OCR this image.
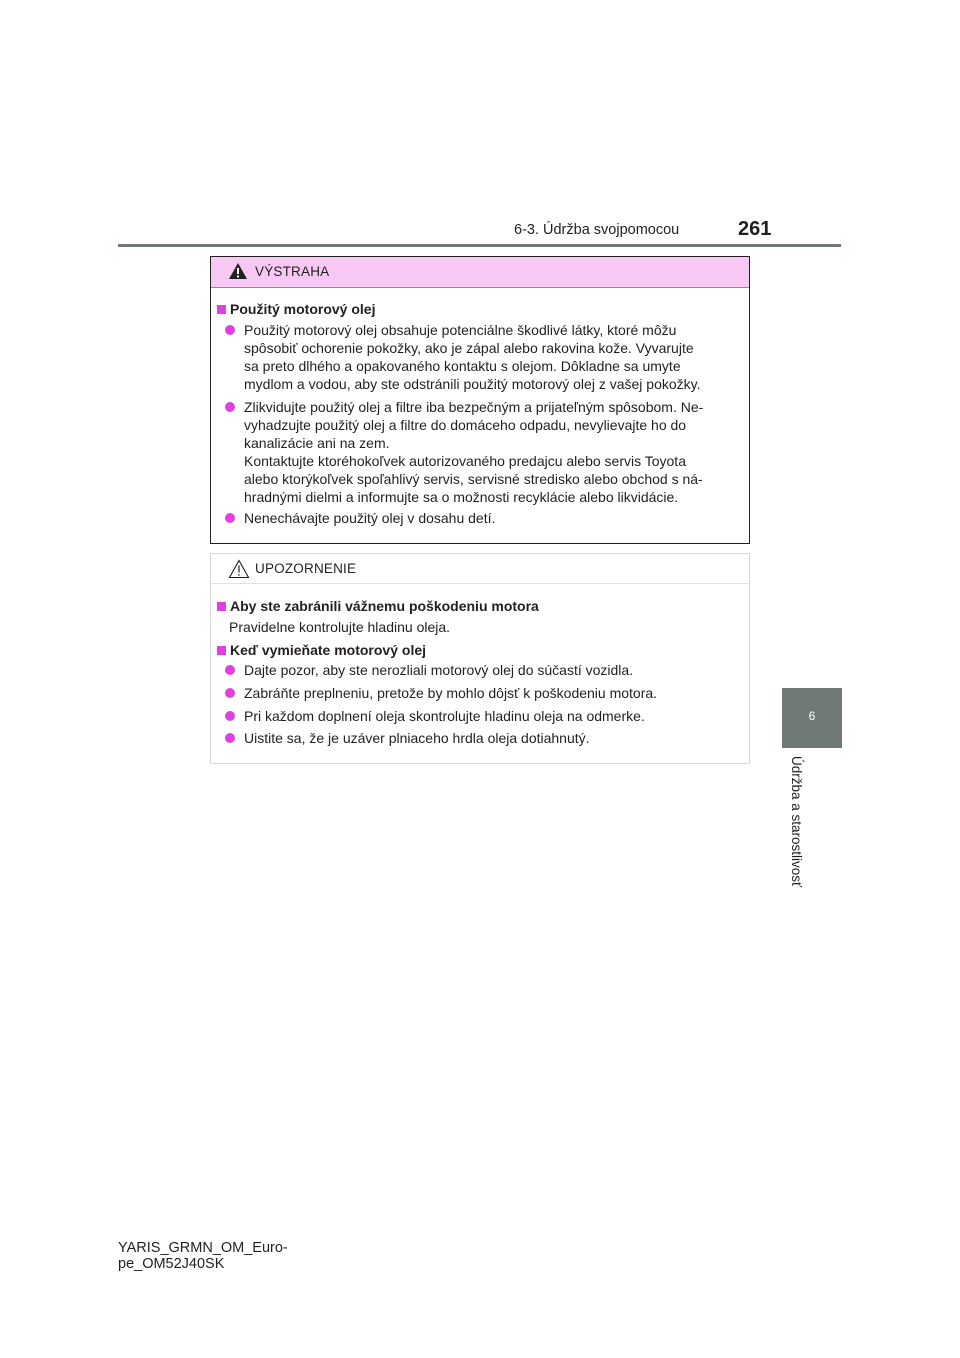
6-3. Údržba svojpomocou	261
6
Údržba a starostlivosť
VÝSTRAHA
Použitý motorový olej
Použitý motorový olej obsahuje potenciálne škodlivé látky, ktoré môžu
spôsobiť ochorenie pokožky, ako je zápal alebo rakovina kože. Vyvarujte
sa preto dlhého a opakovaného kontaktu s olejom. Dôkladne sa umyte
mydlom a vodou, aby ste odstránili použitý motorový olej z vašej pokožky.
Zlikvidujte použitý olej a filtre iba bezpečným a prijateľným spôsobom. Ne-
vyhadzujte použitý olej a filtre do domáceho odpadu, nevylievajte ho do
kanalizácie ani na zem.
Kontaktujte ktoréhokoľvek autorizovaného predajcu alebo servis Toyota
alebo ktorýkoľvek spoľahlivý servis, servisné stredisko alebo obchod s ná-
hradnými dielmi a informujte sa o možnosti recyklácie alebo likvidácie.
Nenechávajte použitý olej v dosahu detí.
UPOZORNENIE
Aby ste zabránili vážnemu poškodeniu motora
Pravidelne kontrolujte hladinu oleja.
Keď vymieňate motorový olej
Dajte pozor, aby ste nerozliali motorový olej do súčastí vozidla.
Zabráňte preplneniu, pretože by mohlo dôjsť k poškodeniu motora.
Pri každom doplnení oleja skontrolujte hladinu oleja na odmerke.
Uistite sa, že je uzáver plniaceho hrdla oleja dotiahnutý.
YARIS_GRMN_OM_Euro-
pe_OM52J40SK
